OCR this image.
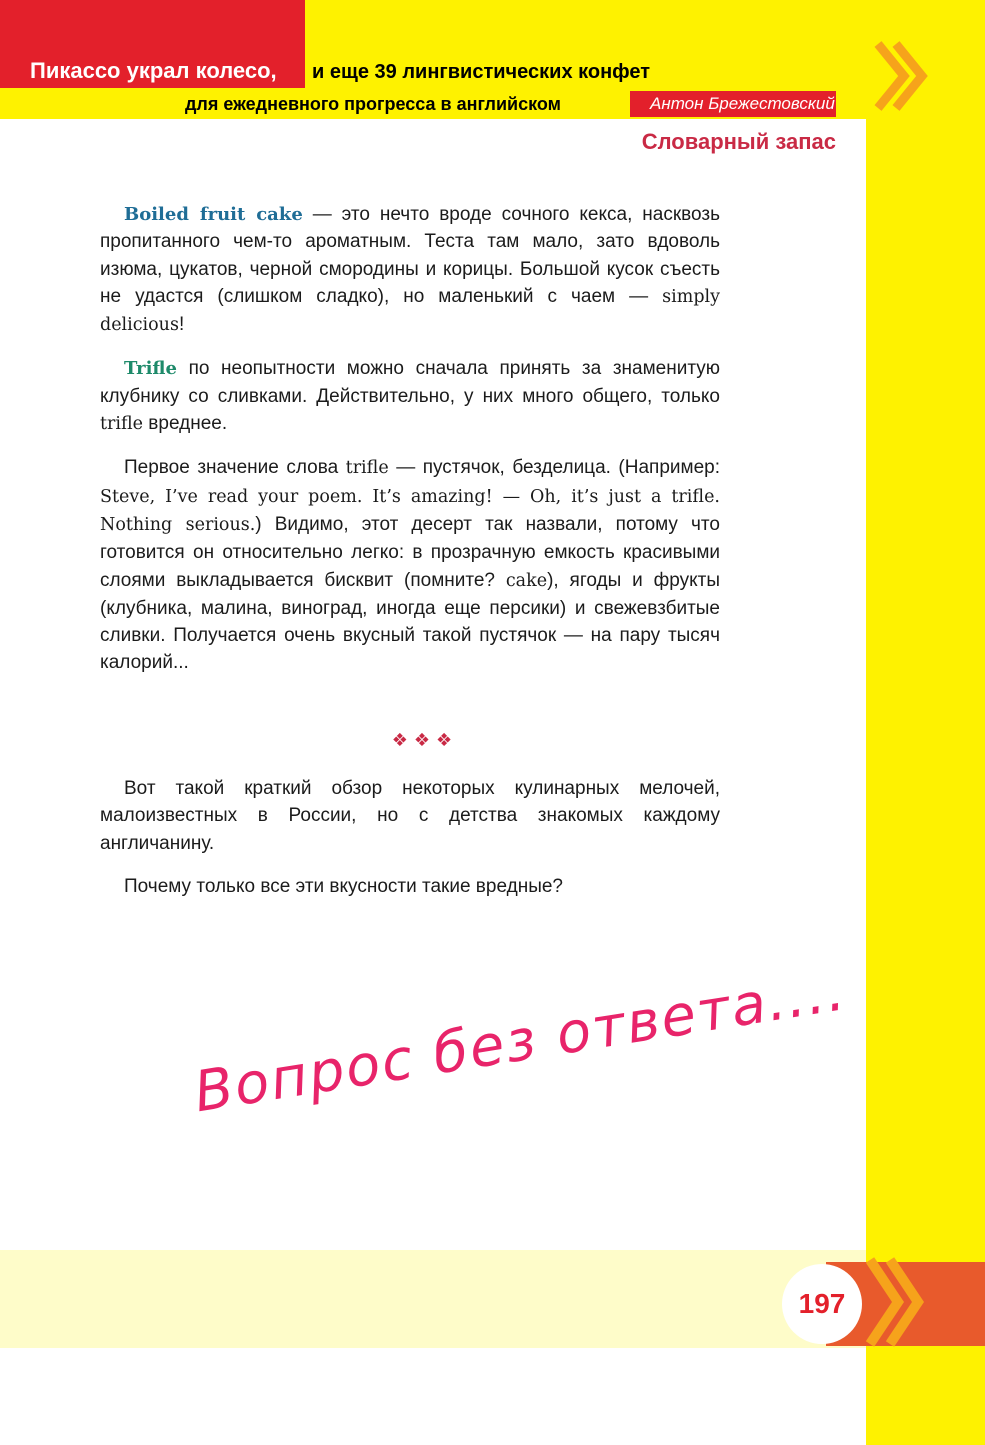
Пикассо украл колесо, и еще 39 лингвистических конфет
для ежедневного прогресса в английском	Антон Брежестовский
Словарный запас

Boiled fruit cake — это нечто вроде сочного кекса, насквозь пропитанного чем-то ароматным. Теста там мало, зато вдоволь изюма, цукатов, черной смородины и корицы. Большой кусок съесть не удастся (слишком сладко), но маленький с чаем — simply delicious!

Trifle по неопытности можно сначала принять за знаменитую клубнику со сливками. Действительно, у них много общего, только trifle вреднее.

Первое значение слова trifle — пустячок, безделица. (Например: Steve, I’ve read your poem. It’s amazing! — Oh, it’s just a trifle. Nothing serious.) Видимо, этот десерт так назвали, потому что готовится он относительно легко: в прозрачную емкость красивыми слоями выкладывается бисквит (помните? cake), ягоды и фрукты (клубника, малина, виноград, иногда еще персики) и свежевзбитые сливки. Получается очень вкусный такой пустячок — на пару тысяч калорий...

❖❖❖

Вот такой краткий обзор некоторых кулинарных мелочей, малоизвестных в России, но с детства знакомых каждому англичанину.

Почему только все эти вкусности такие вредные?

Вопрос без ответа....
197
